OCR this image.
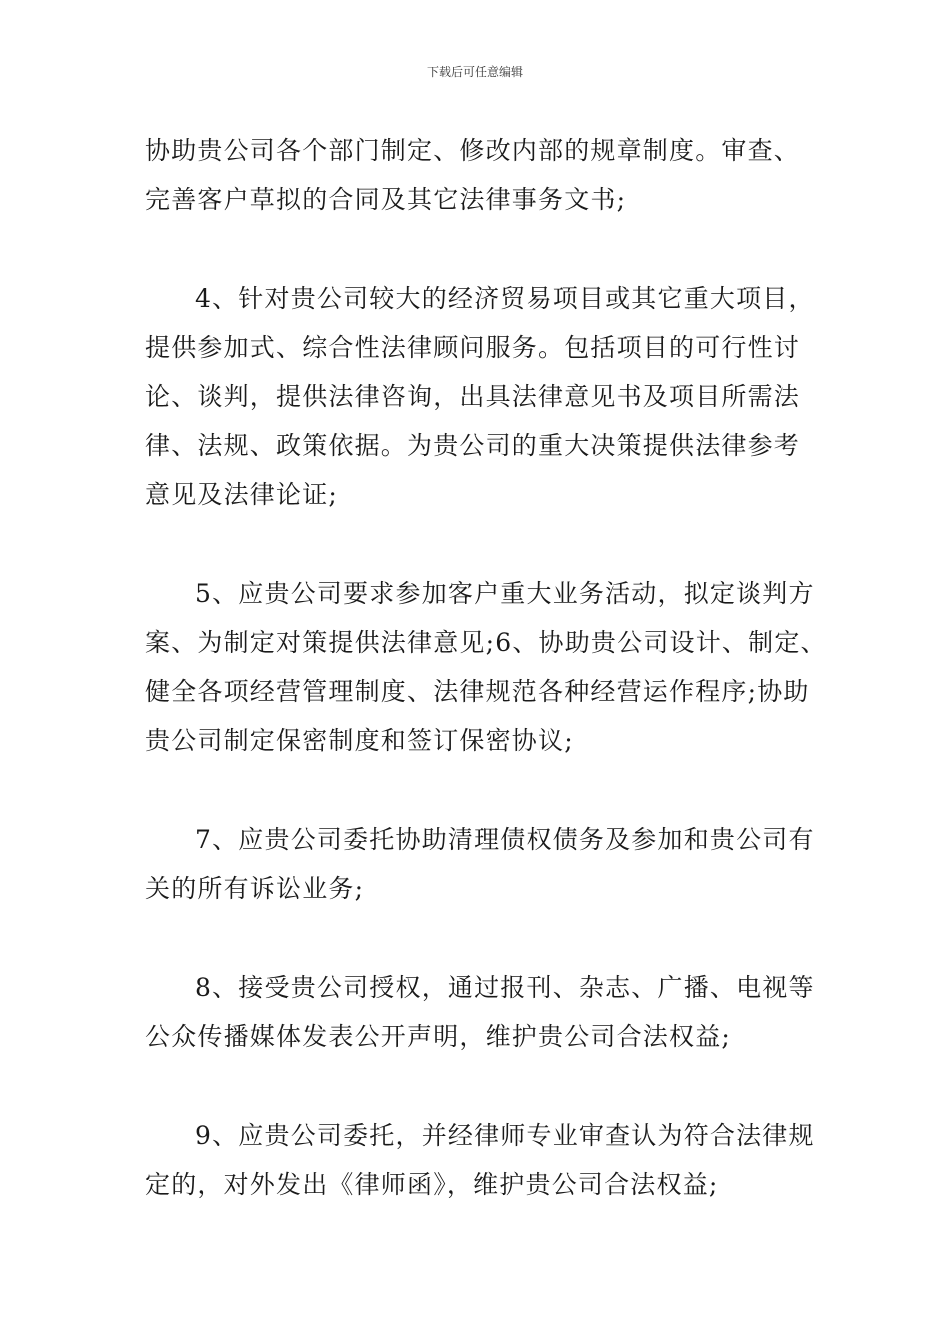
下载后可任意编辑

协助贵公司各个部门制定、修改内部的规章制度。审查、
完善客户草拟的合同及其它法律事务文书;

4、针对贵公司较大的经济贸易项目或其它重大项目，
提供参加式、综合性法律顾问服务。包括项目的可行性讨
论、谈判，提供法律咨询，出具法律意见书及项目所需法
律、法规、政策依据。为贵公司的重大决策提供法律参考
意见及法律论证;

5、应贵公司要求参加客户重大业务活动，拟定谈判方
案、为制定对策提供法律意见;6、协助贵公司设计、制定、
健全各项经营管理制度、法律规范各种经营运作程序;协助
贵公司制定保密制度和签订保密协议;

7、应贵公司委托协助清理债权债务及参加和贵公司有
关的所有诉讼业务;

8、接受贵公司授权，通过报刊、杂志、广播、电视等
公众传播媒体发表公开声明，维护贵公司合法权益;

9、应贵公司委托，并经律师专业审查认为符合法律规
定的，对外发出《律师函》，维护贵公司合法权益;
